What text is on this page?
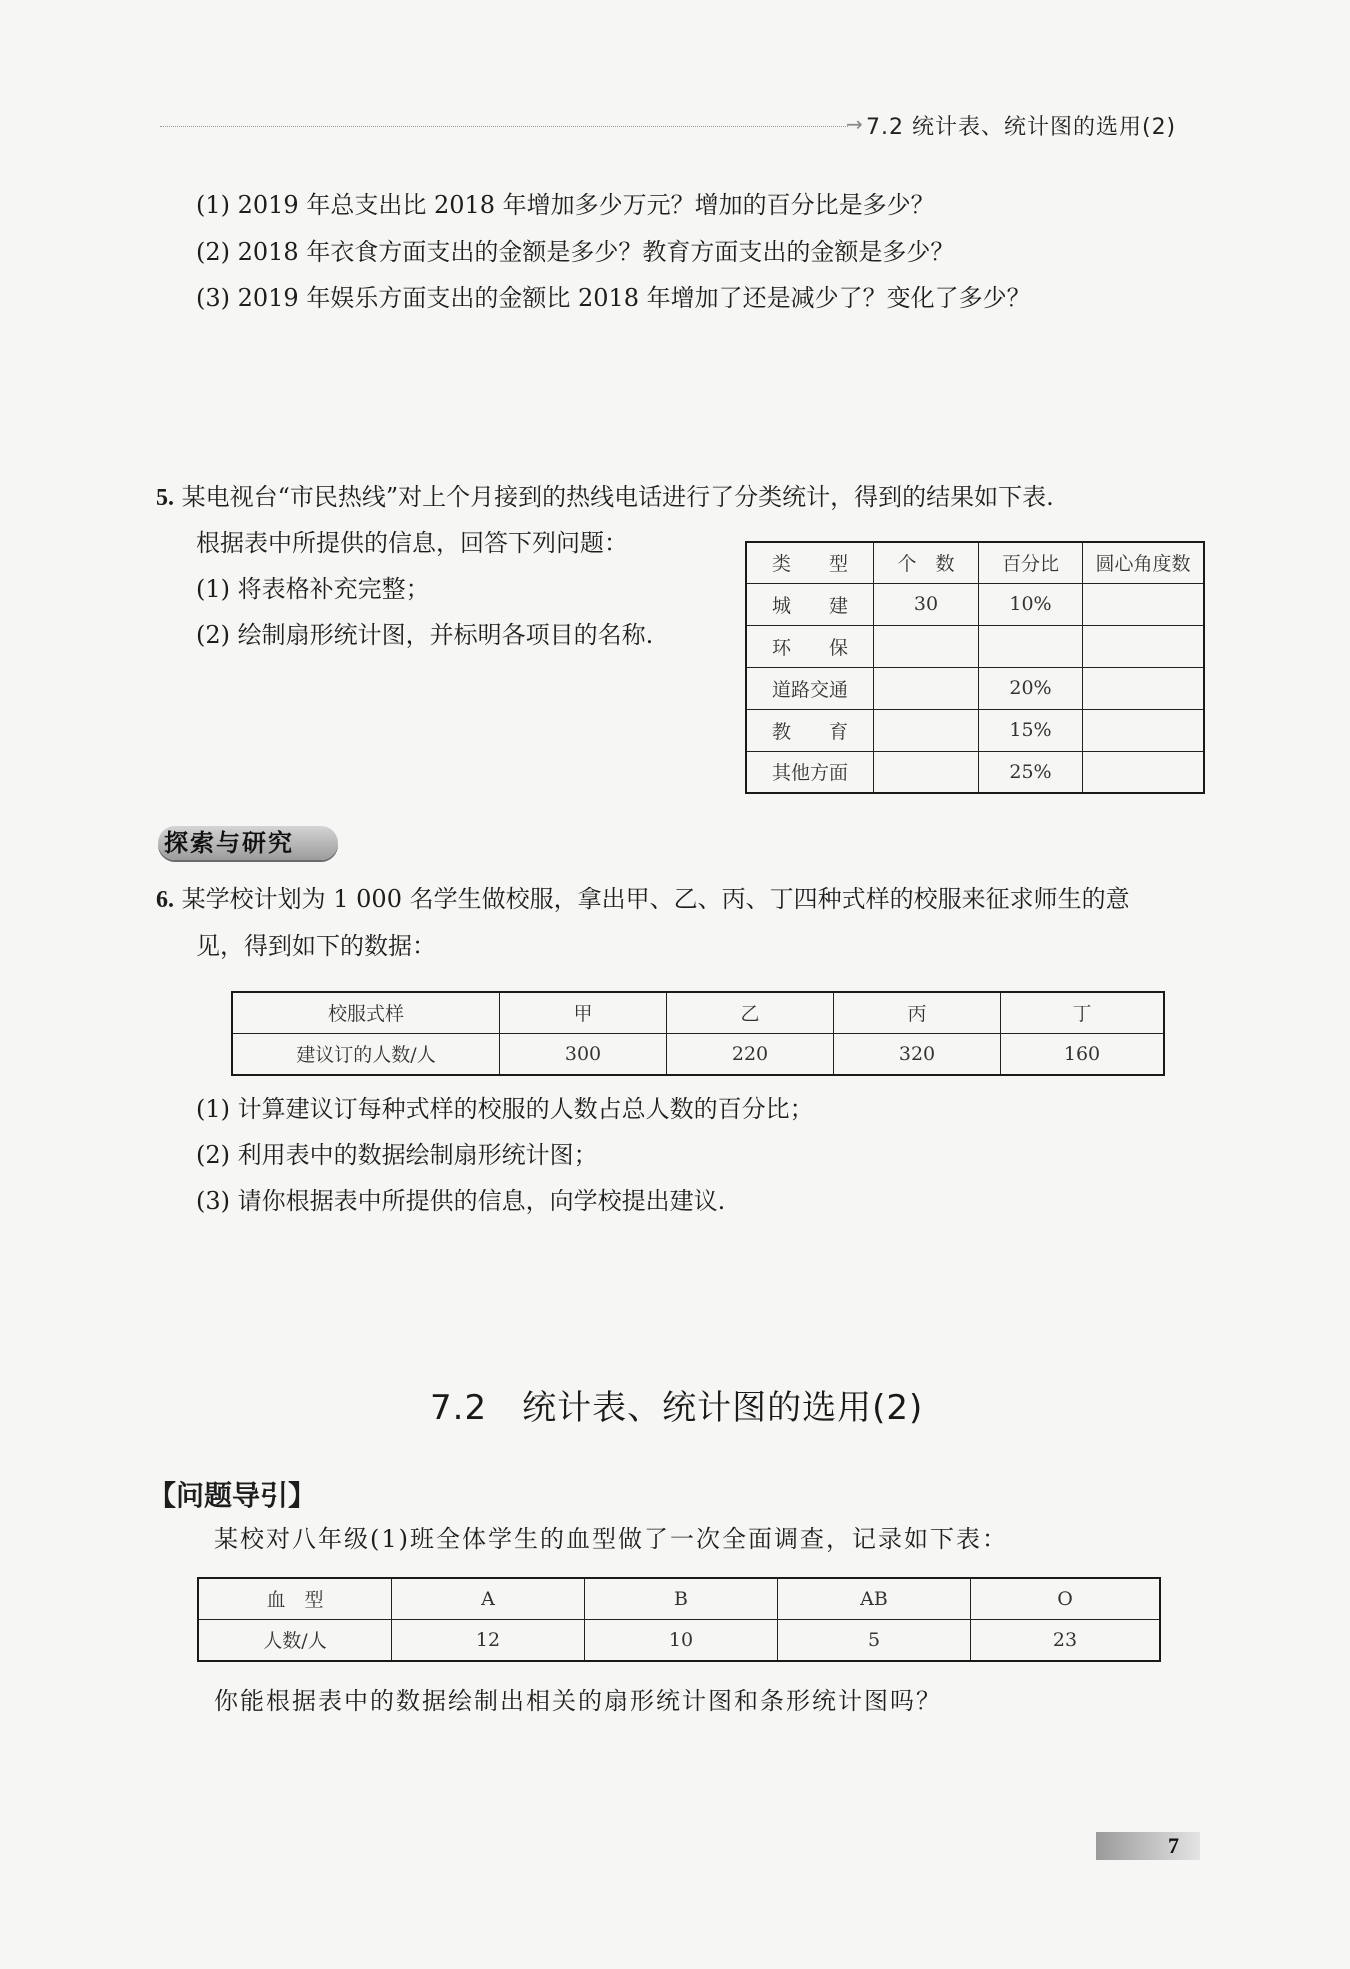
→ 7.2 统计表、统计图的选用(2)
(1) 2019 年总支出比 2018 年增加多少万元？增加的百分比是多少？
(2) 2018 年衣食方面支出的金额是多少？教育方面支出的金额是多少？
(3) 2019 年娱乐方面支出的金额比 2018 年增加了还是减少了？变化了多少？
5. 某电视台“市民热线”对上个月接到的热线电话进行了分类统计，得到的结果如下表.
根据表中所提供的信息，回答下列问题：
(1) 将表格补充完整；
(2) 绘制扇形统计图，并标明各项目的名称.
类　　型	个　数	百分比	圆心角度数
城　　建	30	10%	
环　　保			
道路交通		20%	
教　　育		15%	
其他方面		25%	
探索与研究
6. 某学校计划为 1 000 名学生做校服，拿出甲、乙、丙、丁四种式样的校服来征求师生的意
见，得到如下的数据：
校服式样	甲	乙	丙	丁
建议订的人数/人	300	220	320	160
(1) 计算建议订每种式样的校服的人数占总人数的百分比；
(2) 利用表中的数据绘制扇形统计图；
(3) 请你根据表中所提供的信息，向学校提出建议.
7.2　统计表、统计图的选用(2)
【问题导引】
某校对八年级(1)班全体学生的血型做了一次全面调查，记录如下表：
血　型	A	B	AB	O
人数/人	12	10	5	23
你能根据表中的数据绘制出相关的扇形统计图和条形统计图吗？
7
